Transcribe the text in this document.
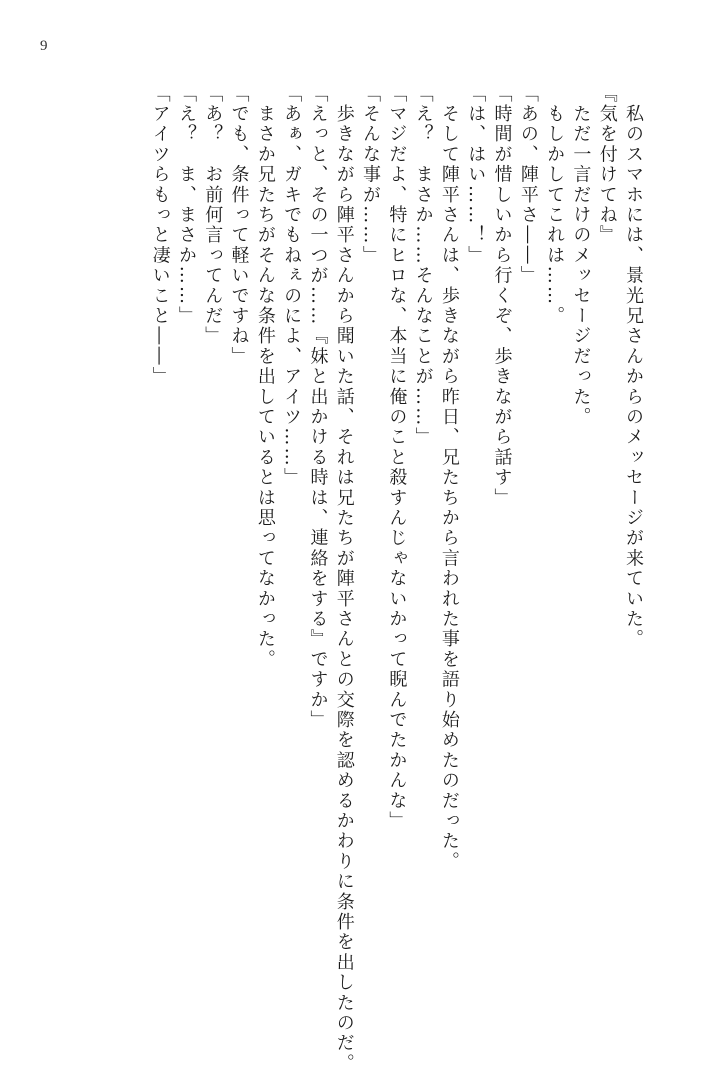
9
　私のスマホには、景光兄さんからのメッセージが来ていた。
『気を付けてね』
　ただ一言だけのメッセージだった。
　もしかしてこれは……。
「あの、陣平さ――」
「時間が惜しいから行くぞ、歩きながら話す」
「は、はい……！」
　そして陣平さんは、歩きながら昨日、兄たちから言われた事を語り始めたのだった。
「え？　まさか……そんなことが……」
「マジだよ、特にヒロな、本当に俺のこと殺すんじゃないかって睨んでたかんな」
「そんな事が……」
　歩きながら陣平さんから聞いた話、それは兄たちが陣平さんとの交際を認めるかわりに条件を出したのだ。
「えっと、その一つが……『妹と出かける時は、連絡をする』ですか」
「あぁ、ガキでもねぇのによ、アイツ……」
　まさか兄たちがそんな条件を出しているとは思ってなかった。
「でも、条件って軽いですね」
「あ？　お前何言ってんだ」
「え？　ま、まさか……」
「アイツらもっと凄いこと――」
